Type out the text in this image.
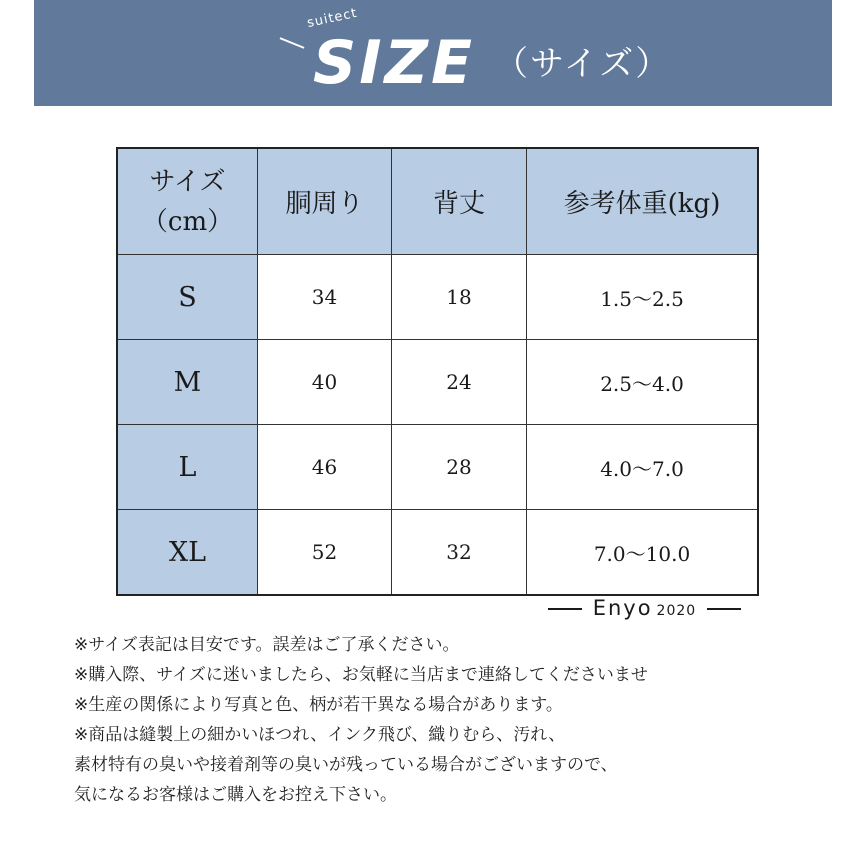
suitect
SIZE （サイズ）
サイズ
（cm）	胴周り	背丈	参考体重(kg)
S	34	18	1.5〜2.5
M	40	24	2.5〜4.0
L	46	28	4.0〜7.0
XL	52	32	7.0〜10.0
Enyo 2020
※サイズ表記は目安です。誤差はご了承ください。
※購入際、サイズに迷いましたら、お気軽に当店まで連絡してくださいませ
※生産の関係により写真と色、柄が若干異なる場合があります。
※商品は縫製上の細かいほつれ、インク飛び、織りむら、汚れ、
素材特有の臭いや接着剤等の臭いが残っている場合がございますので、
気になるお客様はご購入をお控え下さい。
